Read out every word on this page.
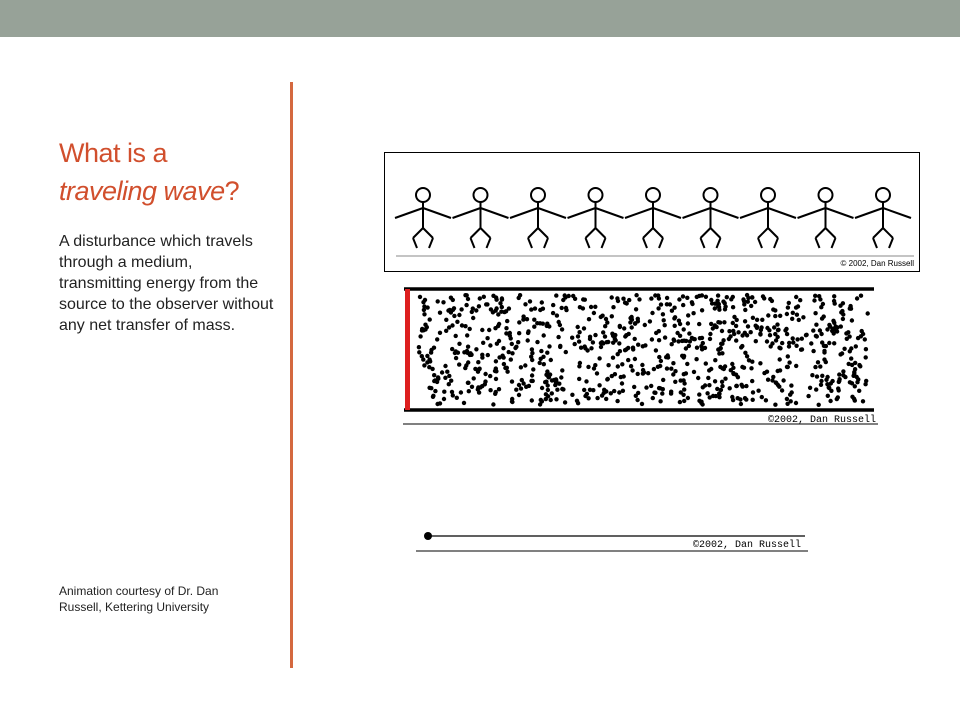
What is a
traveling wave?
A disturbance which travels through a medium, transmitting energy from the source to the observer without any net transfer of mass.
Animation courtesy of Dr. Dan Russell, Kettering University
© 2002, Dan Russell
©2002, Dan Russell
©2002, Dan Russell
